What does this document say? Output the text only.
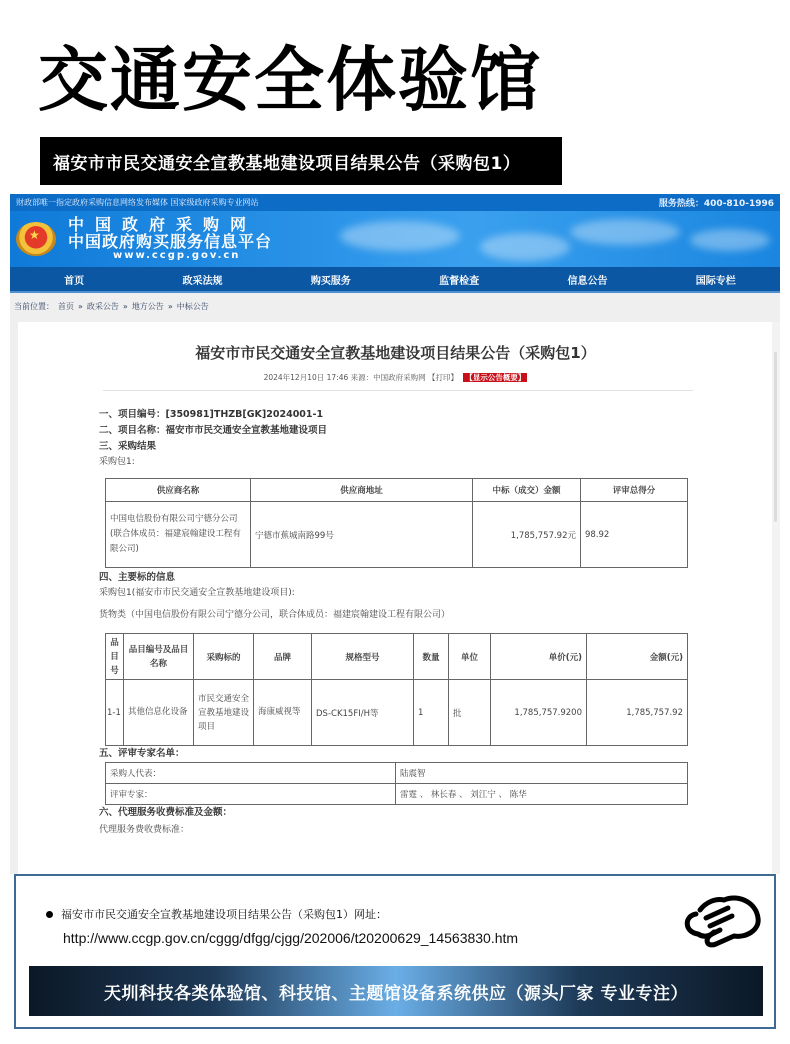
交通安全体验馆
福安市市民交通安全宣教基地建设项目结果公告（采购包1）
财政部唯一指定政府采购信息网络发布媒体 国家级政府采购专业网站	服务热线：400-810-1996
★
中国政府采购网
中国政府购买服务信息平台
www.ccgp.gov.cn
首页	政采法规	购买服务	监督检查	信息公告	国际专栏
当前位置： 首页 » 政采公告 » 地方公告 » 中标公告
福安市市民交通安全宣教基地建设项目结果公告（采购包1）
2024年12月10日 17:46 来源：中国政府采购网 【打印】 【显示公告概要】
一、项目编号：[350981]THZB[GK]2024001-1
二、项目名称：福安市市民交通安全宣教基地建设项目
三、采购结果
采购包1:
供应商名称	供应商地址	中标（成交）金额	评审总得分
中国电信股份有限公司宁德分公司(联合体成员：福建宸翰建设工程有限公司)	宁德市蕉城南路99号	1,785,757.92元	98.92
四、主要标的信息
采购包1(福安市市民交通安全宣教基地建设项目):
货物类（中国电信股份有限公司宁德分公司，联合体成员：福建宸翰建设工程有限公司）
品目号	品目编号及品目名称	采购标的	品牌	规格型号	数量	单位	单价(元)	金额(元)
1-1	其他信息化设备	市民交通安全宣教基地建设项目	海康威视等	DS-CK15FI/H等	1	批	1,785,757.9200	1,785,757.92
五、评审专家名单：
采购人代表：	陆震智
评审专家：	雷霆 、 林长春 、 刘江宁 、 陈华
六、代理服务收费标准及金额：
代理服务费收费标准：
福安市市民交通安全宣教基地建设项目结果公告（采购包1）网址：
http://www.ccgp.gov.cn/cggg/dfgg/cjgg/202006/t20200629_14563830.htm
天圳科技各类体验馆、科技馆、主题馆设备系统供应（源头厂家 专业专注）
